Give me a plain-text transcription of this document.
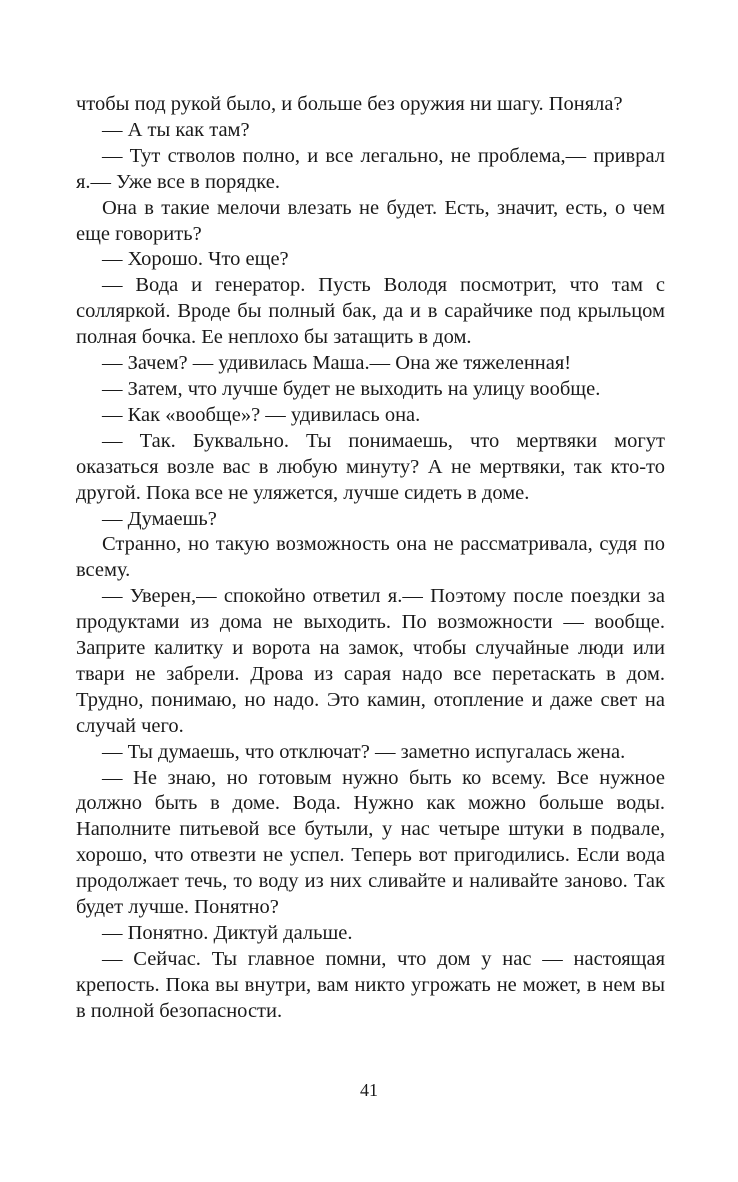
чтобы под рукой было, и больше без оружия ни шагу. Поняла?

— А ты как там?

— Тут стволов полно, и все легально, не проблема,— приврал я.— Уже все в порядке.

Она в такие мелочи влезать не будет. Есть, значит, есть, о чем еще говорить?

— Хорошо. Что еще?

— Вода и генератор. Пусть Володя посмотрит, что там с солляркой. Вроде бы полный бак, да и в сарайчике под крыльцом полная бочка. Ее неплохо бы затащить в дом.

— Зачем? — удивилась Маша.— Она же тяжеленная!

— Затем, что лучше будет не выходить на улицу вообще.

— Как «вообще»? — удивилась она.

— Так. Буквально. Ты понимаешь, что мертвяки могут оказаться возле вас в любую минуту? А не мертвяки, так кто-то другой. Пока все не уляжется, лучше сидеть в доме.

— Думаешь?

Странно, но такую возможность она не рассматривала, судя по всему.

— Уверен,— спокойно ответил я.— Поэтому после поездки за продуктами из дома не выходить. По возможности — вообще. Заприте калитку и ворота на замок, чтобы случайные люди или твари не забрели. Дрова из сарая надо все перетаскать в дом. Трудно, понимаю, но надо. Это камин, отопление и даже свет на случай чего.

— Ты думаешь, что отключат? — заметно испугалась жена.

— Не знаю, но готовым нужно быть ко всему. Все нужное должно быть в доме. Вода. Нужно как можно больше воды. Наполните питьевой все бутыли, у нас четыре штуки в подвале, хорошо, что отвезти не успел. Теперь вот пригодились. Если вода продолжает течь, то воду из них сливайте и наливайте заново. Так будет лучше. Понятно?

— Понятно. Диктуй дальше.

— Сейчас. Ты главное помни, что дом у нас — настоящая крепость. Пока вы внутри, вам никто угрожать не может, в нем вы в полной безопасности.

41
